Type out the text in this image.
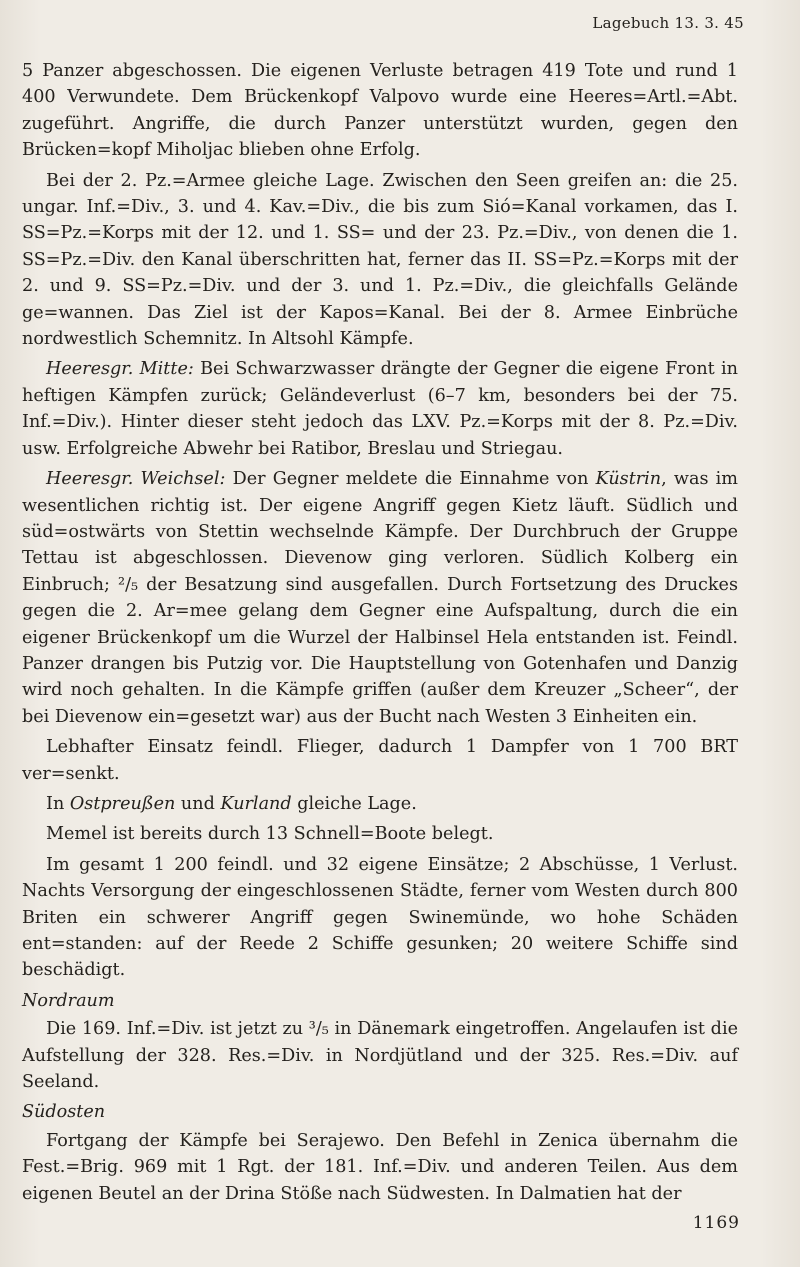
Lagebuch 13. 3. 45

5 Panzer abgeschossen. Die eigenen Verluste betragen 419 Tote und rund 1 400 Verwundete. Dem Brückenkopf Valpovo wurde eine Heeres=Artl.=Abt. zugeführt. Angriffe, die durch Panzer unterstützt wurden, gegen den Brücken=kopf Miholjac blieben ohne Erfolg.

Bei der 2. Pz.=Armee gleiche Lage. Zwischen den Seen greifen an: die 25. ungar. Inf.=Div., 3. und 4. Kav.=Div., die bis zum Sió=Kanal vorkamen, das I. SS=Pz.=Korps mit der 12. und 1. SS= und der 23. Pz.=Div., von denen die 1. SS=Pz.=Div. den Kanal überschritten hat, ferner das II. SS=Pz.=Korps mit der 2. und 9. SS=Pz.=Div. und der 3. und 1. Pz.=Div., die gleichfalls Gelände ge=wannen. Das Ziel ist der Kapos=Kanal. Bei der 8. Armee Einbrüche nordwestlich Schemnitz. In Altsohl Kämpfe.

Heeresgr. Mitte: Bei Schwarzwasser drängte der Gegner die eigene Front in heftigen Kämpfen zurück; Geländeverlust (6–7 km, besonders bei der 75. Inf.=Div.). Hinter dieser steht jedoch das LXV. Pz.=Korps mit der 8. Pz.=Div. usw. Erfolgreiche Abwehr bei Ratibor, Breslau und Striegau.

Heeresgr. Weichsel: Der Gegner meldete die Einnahme von Küstrin, was im wesentlichen richtig ist. Der eigene Angriff gegen Kietz läuft. Südlich und süd=ostwärts von Stettin wechselnde Kämpfe. Der Durchbruch der Gruppe Tettau ist abgeschlossen. Dievenow ging verloren. Südlich Kolberg ein Einbruch; ²/₅ der Besatzung sind ausgefallen. Durch Fortsetzung des Druckes gegen die 2. Ar=mee gelang dem Gegner eine Aufspaltung, durch die ein eigener Brückenkopf um die Wurzel der Halbinsel Hela entstanden ist. Feindl. Panzer drangen bis Putzig vor. Die Hauptstellung von Gotenhafen und Danzig wird noch gehalten. In die Kämpfe griffen (außer dem Kreuzer „Scheer“, der bei Dievenow ein=gesetzt war) aus der Bucht nach Westen 3 Einheiten ein.

Lebhafter Einsatz feindl. Flieger, dadurch 1 Dampfer von 1 700 BRT ver=senkt.

In Ostpreußen und Kurland gleiche Lage.

Memel ist bereits durch 13 Schnell=Boote belegt.

Im gesamt 1 200 feindl. und 32 eigene Einsätze; 2 Abschüsse, 1 Verlust. Nachts Versorgung der eingeschlossenen Städte, ferner vom Westen durch 800 Briten ein schwerer Angriff gegen Swinemünde, wo hohe Schäden ent=standen: auf der Reede 2 Schiffe gesunken; 20 weitere Schiffe sind beschädigt.

Nordraum

Die 169. Inf.=Div. ist jetzt zu ³/₅ in Dänemark eingetroffen. Angelaufen ist die Aufstellung der 328. Res.=Div. in Nordjütland und der 325. Res.=Div. auf Seeland.

Südosten

Fortgang der Kämpfe bei Serajewo. Den Befehl in Zenica übernahm die Fest.=Brig. 969 mit 1 Rgt. der 181. Inf.=Div. und anderen Teilen. Aus dem eigenen Beutel an der Drina Stöße nach Südwesten. In Dalmatien hat der

1169
